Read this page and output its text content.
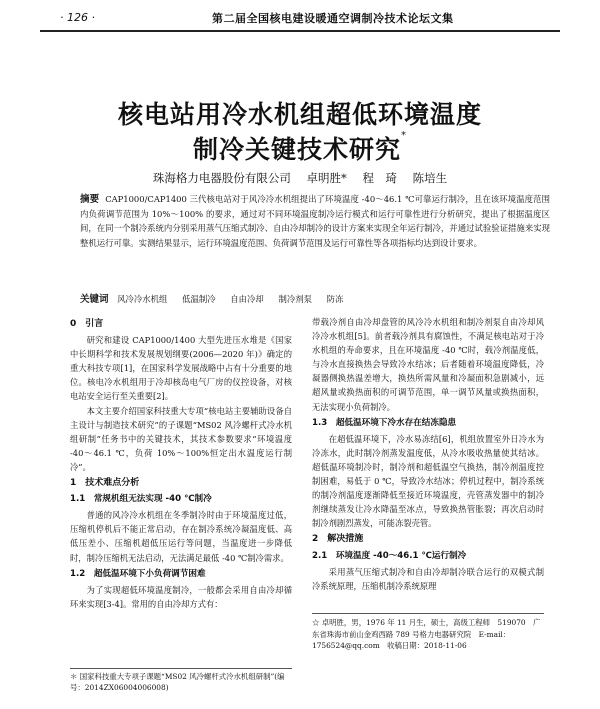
· 126 ·	第二届全国核电建设暖通空调制冷技术论坛文集
核电站用冷水机组超低环境温度
制冷关键技术研究*
珠海格力电器股份有限公司 卓明胜* 程　琦 陈培生
摘要 CAP1000/CAP1400 三代核电站对于风冷冷水机组提出了环境温度 -40～46.1 ℃可靠运行制冷，且在该环境温度范围内负荷调节范围为 10%～100% 的要求，通过对不同环境温度制冷运行模式和运行可靠性进行分析研究，提出了根据温度区间，在同一个制冷系统内分别采用蒸气压缩式制冷、自由冷却制冷的设计方案来实现全年运行制冷，并通过试验验证措施来实现整机运行可靠。实测结果显示，运行环境温度范围、负荷调节范围及运行可靠性等各项指标均达到设计要求。
关键词 风冷冷水机组 低温制冷 自由冷却 制冷剂泵 防冻
0　引言

研究和建设 CAP1000/1400 大型先进压水堆是《国家中长期科学和技术发展规划纲要(2006—2020 年)》确定的重大科技专项[1]，在国家科学发展战略中占有十分重要的地位。核电冷水机组用于冷却核岛电气厂房的仪控设备，对核电站安全运行至关重要[2]。

本文主要介绍国家科技重大专项“核电站主要辅助设备自主设计与制造技术研究”的子课题“MS02 风冷螺杆式冷水机组研制”任务书中的关键技术，其技术参数要求“环境温度 -40～46.1 ℃，负荷 10%～100%恒定出水温度运行制冷”。

1　技术难点分析
1.1　常规机组无法实现 -40 ℃制冷

普通的风冷冷水机组在冬季制冷时由于环境温度过低，压缩机停机后不能正常启动，存在制冷系统冷凝温度低、高低压差小、压缩机超低压运行等问题，当温度进一步降低时，制冷压缩机无法启动，无法满足最低 -40 ℃制冷需求。

1.2　超低温环境下小负荷调节困难

为了实现超低环境温度制冷，一般都会采用自由冷却循环来实现[3-4]。常用的自由冷却方式有：

带载冷剂自由冷却盘管的风冷冷水机组和制冷剂泵自由冷却风冷冷水机组[5]。前者载冷剂具有腐蚀性，不满足核电站对于冷水机组的寿命要求，且在环境温度 -40 ℃时，载冷剂温度低，与冷水直接换热会导致冷水结冰；后者随着环境温度降低，冷凝器侧换热温差增大，换热所需风量和冷凝面积急剧减小，远超风量或换热面积的可调节范围，单一调节风量或换热面积，无法实现小负荷制冷。

1.3　超低温环境下冷水存在结冻隐患

在超低温环境下，冷水易冻结[6]，机组放置室外日冷水为冷冻水，此时制冷剂蒸发温度低，从冷水吸收热量使其结冰。超低温环境制冷时，制冷剂和超低温空气换热，制冷剂温度控制困难，易低于 0 ℃，导致冷水结冰；停机过程中，制冷系统的制冷剂温度逐渐降低至接近环境温度，壳管蒸发器中的制冷剂继续蒸发让冷水降温至冰点，导致换热管胀裂；再次启动时制冷剂剧烈蒸发，可能冻裂壳管。

2　解决措施
2.1　环境温度 -40～46.1 ℃运行制冷

采用蒸气压缩式制冷和自由冷却制冷联合运行的双模式制冷系统原理，压缩机制冷系统原理

☆ 卓明胜，男，1976 年 11 月生，硕士，高级工程师　519070　广东省珠海市前山金鸡西路 789 号格力电器研究院　E-mail：1756524@qq.com　收稿日期：2018-11-06
＊ 国家科技重大专项子课题“MS02 风冷螺杆式冷水机组研制”(编号：2014ZX06004006008)
